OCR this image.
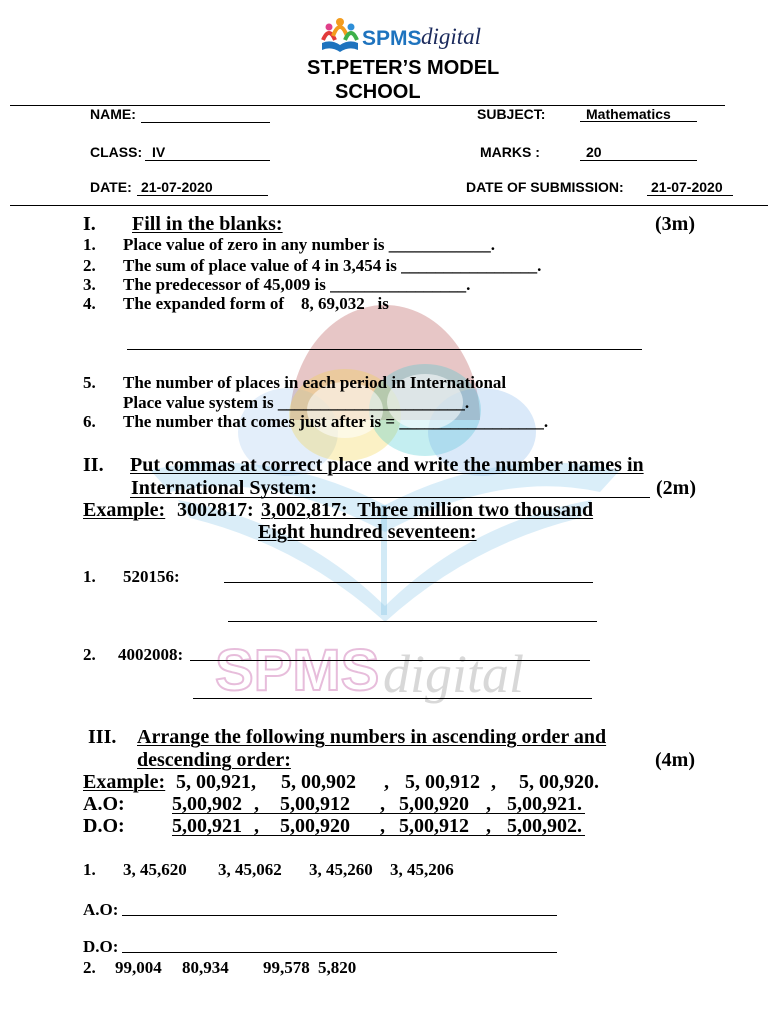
SPMS digital
SPMS digital
ST.PETER’S MODEL
SCHOOL
NAME:	SUBJECT:	Mathematics
CLASS: IV	MARKS :	20
DATE: 21-07-2020	DATE OF SUBMISSION: 21-07-2020
I. Fill in the blanks:	(3m)
1. Place value of zero in any number is ____________.
2. The sum of place value of 4 in 3,454 is ________________.
3. The predecessor of 45,009 is ________________.
4. The expanded form of    8, 69,032   is
5. The number of places in each period in International
Place value system is ______________________.
6. The number that comes just after is = _________________.
II. Put commas at correct place and write the number names in
International System:	(2m)
Example: 3002817: 3,002,817:  Three million two thousand
Eight hundred seventeen:
1. 520156:
2. 4002008:
III. Arrange the following numbers in ascending order and
descending order:	(4m)
Example: 5, 00,921, 5, 00,902 , 5, 00,912 , 5, 00,920.
A.O: 5,00,902 , 5,00,912 , 5,00,920 , 5,00,921.
D.O: 5,00,921 , 5,00,920 , 5,00,912 , 5,00,902.
1. 3, 45,620 3, 45,062 3, 45,260 3, 45,206
A.O:
D.O:
2. 99,004 80,934 99,578 5,820
